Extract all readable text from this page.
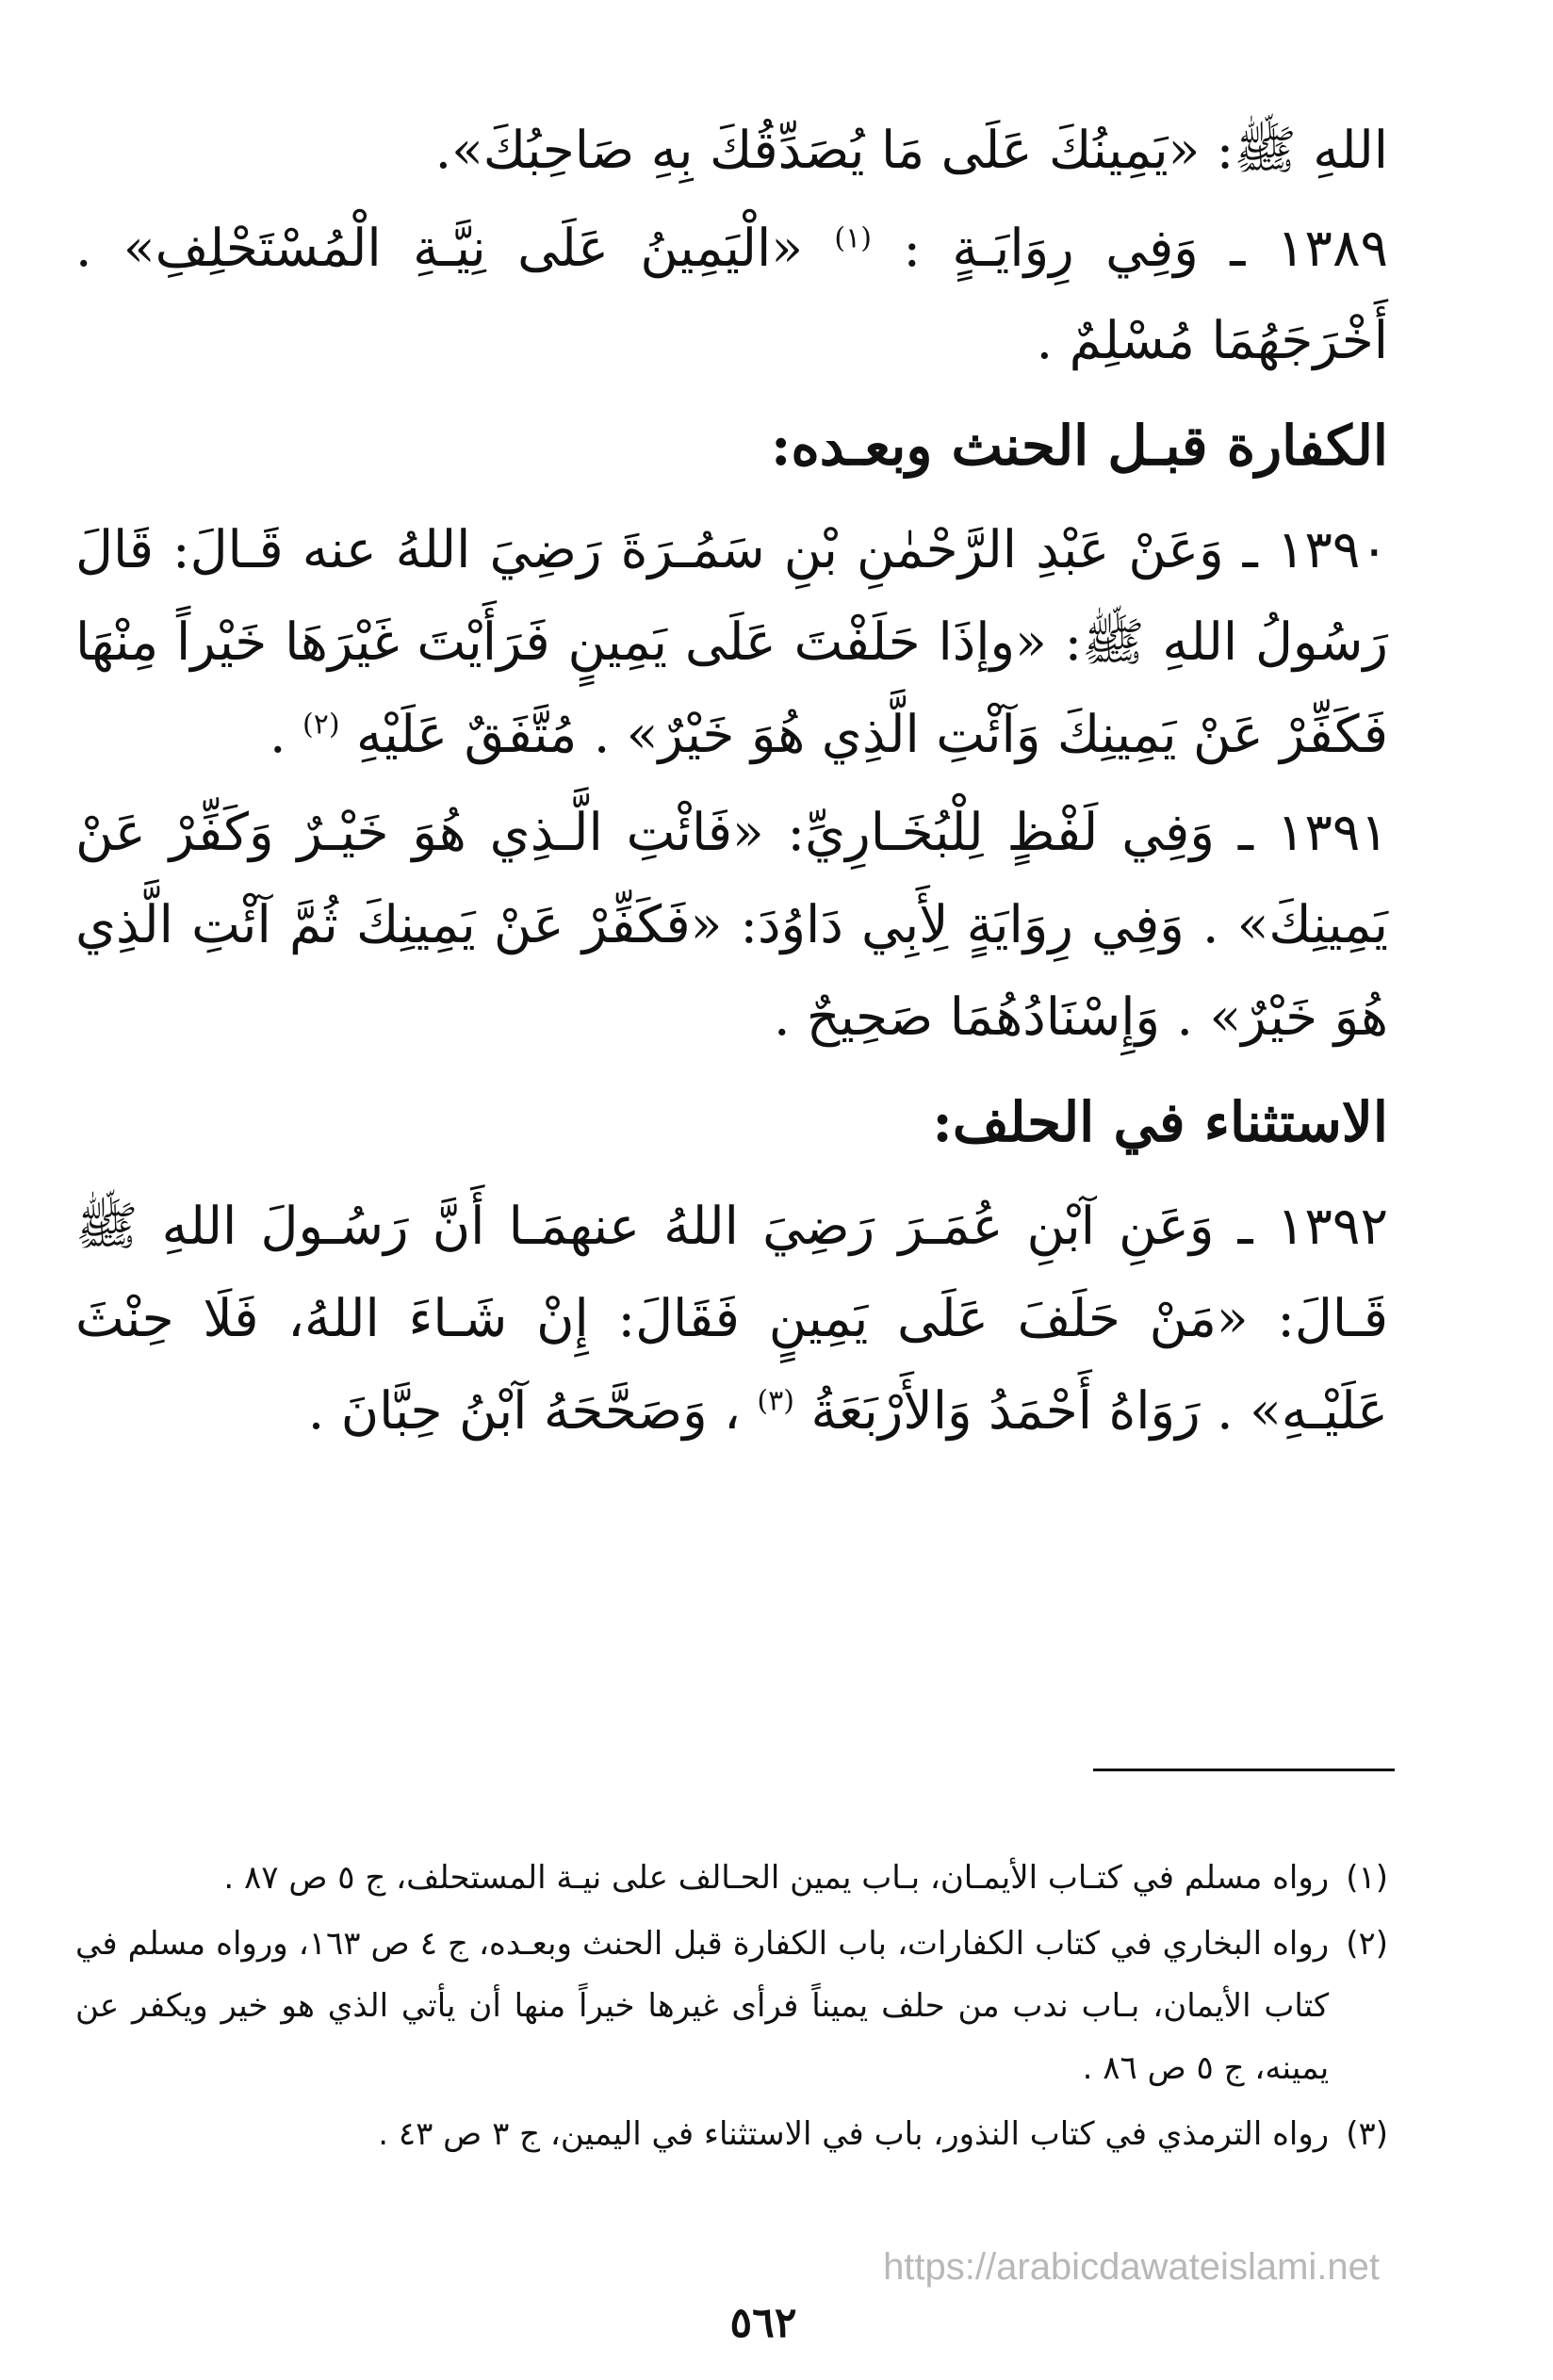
اللهِ ﷺ: «يَمِينُكَ عَلَى مَا يُصَدِّقُكَ بِهِ صَاحِبُكَ».

١٣٨٩ ـ وَفِي رِوَايَـةٍ : $^{(١)}$ «الْيَمِينُ عَلَى نِيَّـةِ الْمُسْتَحْلِفِ» . أَخْرَجَهُمَا مُسْلِمٌ .

الكفارة قبـل الحنث وبعـده:

١٣٩٠ ـ وَعَنْ عَبْدِ الرَّحْمٰنِ بْنِ سَمُـرَةَ رَضِيَ اللهُ عنه قَـالَ: قَالَ رَسُولُ اللهِ ﷺ: «وإذَا حَلَفْتَ عَلَى يَمِينٍ فَرَأَيْتَ غَيْرَهَا خَيْراً مِنْهَا فَكَفِّرْ عَنْ يَمِينِكَ وَآئْتِ الَّذِي هُوَ خَيْرٌ» . مُتَّفَقٌ عَلَيْهِ $^{(٢)}$ .

١٣٩١ ـ وَفِي لَفْظٍ لِلْبُخَـارِيِّ: «فَائْتِ الَّـذِي هُوَ خَيْـرٌ وَكَفِّرْ عَنْ يَمِينِكَ» . وَفِي رِوَايَةٍ لِأَبِي دَاوُدَ: «فَكَفِّرْ عَنْ يَمِينِكَ ثُمَّ آئْتِ الَّذِي هُوَ خَيْرٌ» . وَإِسْنَادُهُمَا صَحِيحٌ .

الاستثناء في الحلف:

١٣٩٢ ـ وَعَنِ آبْنِ عُمَـرَ رَضِيَ اللهُ عنهمَـا أَنَّ رَسُـولَ اللهِ ﷺ قَـالَ: «مَنْ حَلَفَ عَلَى يَمِينٍ فَقَالَ: إِنْ شَـاءَ اللهُ، فَلَا حِنْثَ عَلَيْـهِ» . رَوَاهُ أَحْمَدُ وَالأَرْبَعَةُ $^{(٣)}$ ، وَصَحَّحَهُ آبْنُ حِبَّانَ .

(١)
رواه مسلم في كتـاب الأيمـان، بـاب يمين الحـالف على نيـة المستحلف، ج ٥ ص ٨٧ .
(٢)
رواه البخاري في كتاب الكفارات، باب الكفارة قبل الحنث وبعـده، ج ٤ ص ١٦٣، ورواه مسلم في كتاب الأيمان، بـاب ندب من حلف يميناً فرأى غيرها خيراً منها أن يأتي الذي هو خير ويكفر عن يمينه، ج ٥ ص ٨٦ .
(٣)
رواه الترمذي في كتاب النذور، باب في الاستثناء في اليمين، ج ٣ ص ٤٣ .
https://arabicdawateislami.net
٥٦٢
